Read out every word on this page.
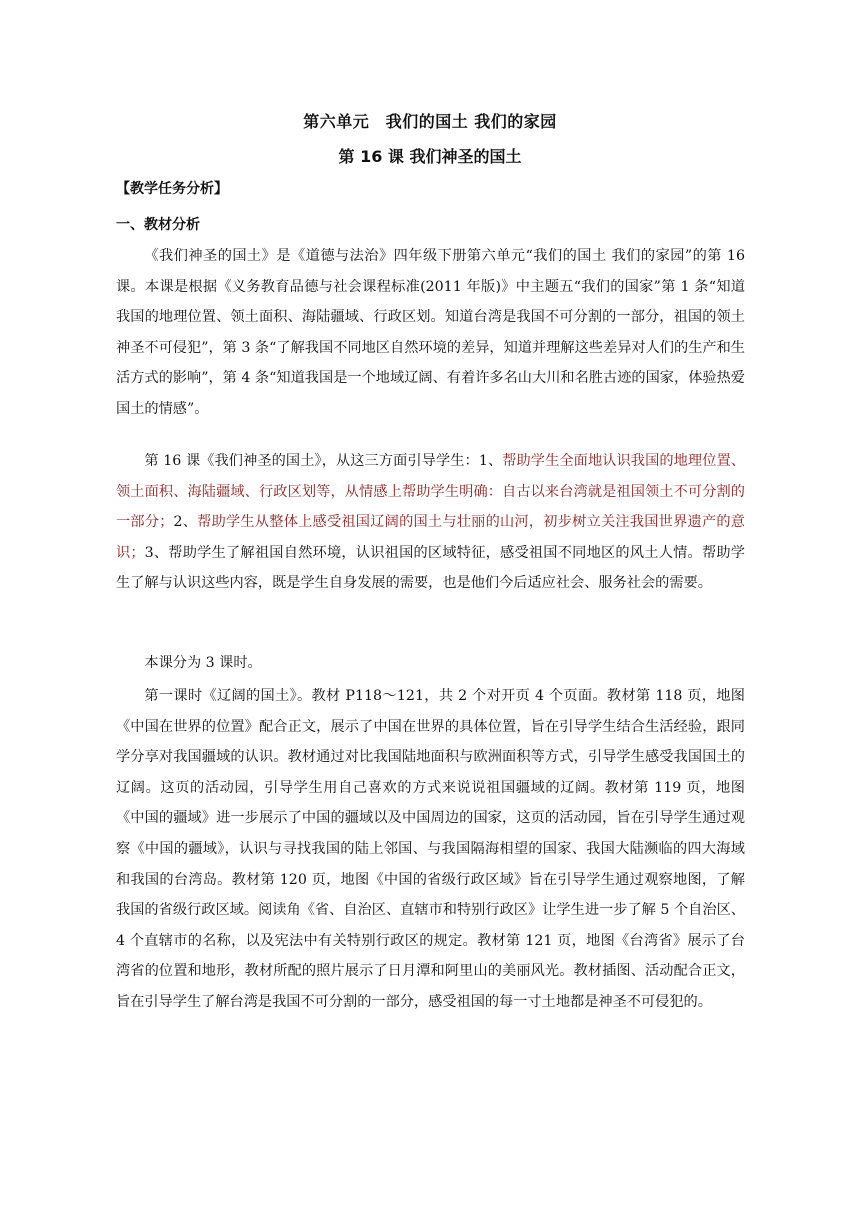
第六单元　我们的国土 我们的家园
第 16 课 我们神圣的国土
【教学任务分析】
一、教材分析

《我们神圣的国土》是《道德与法治》四年级下册第六单元“我们的国土 我们的家园”的第 16 课。本课是根据《义务教育品德与社会课程标准(2011 年版)》中主题五“我们的国家”第 1 条“知道我国的地理位置、领土面积、海陆疆域、行政区划。知道台湾是我国不可分割的一部分，祖国的领土神圣不可侵犯”，第 3 条“了解我国不同地区自然环境的差异，知道并理解这些差异对人们的生产和生活方式的影响”，第 4 条“知道我国是一个地域辽阔、有着许多名山大川和名胜古迹的国家，体验热爱国土的情感”。

第 16 课《我们神圣的国土》，从这三方面引导学生：1、帮助学生全面地认识我国的地理位置、领土面积、海陆疆域、行政区划等，从情感上帮助学生明确：自古以来台湾就是祖国领土不可分割的一部分；2、帮助学生从整体上感受祖国辽阔的国土与壮丽的山河，初步树立关注我国世界遗产的意识；3、帮助学生了解祖国自然环境，认识祖国的区域特征，感受祖国不同地区的风土人情。帮助学生了解与认识这些内容，既是学生自身发展的需要，也是他们今后适应社会、服务社会的需要。

本课分为 3 课时。

第一课时《辽阔的国土》。教材 P118～121，共 2 个对开页 4 个页面。教材第 118 页，地图《中国在世界的位置》配合正文，展示了中国在世界的具体位置，旨在引导学生结合生活经验，跟同学分享对我国疆域的认识。教材通过对比我国陆地面积与欧洲面积等方式，引导学生感受我国国土的辽阔。这页的活动园，引导学生用自己喜欢的方式来说说祖国疆域的辽阔。教材第 119 页，地图《中国的疆域》进一步展示了中国的疆域以及中国周边的国家，这页的活动园，旨在引导学生通过观察《中国的疆域》，认识与寻找我国的陆上邻国、与我国隔海相望的国家、我国大陆濒临的四大海域和我国的台湾岛。教材第 120 页，地图《中国的省级行政区域》旨在引导学生通过观察地图，了解我国的省级行政区域。阅读角《省、自治区、直辖市和特别行政区》让学生进一步了解 5 个自治区、4 个直辖市的名称，以及宪法中有关特别行政区的规定。教材第 121 页，地图《台湾省》展示了台湾省的位置和地形，教材所配的照片展示了日月潭和阿里山的美丽风光。教材插图、活动配合正文，旨在引导学生了解台湾是我国不可分割的一部分，感受祖国的每一寸土地都是神圣不可侵犯的。
